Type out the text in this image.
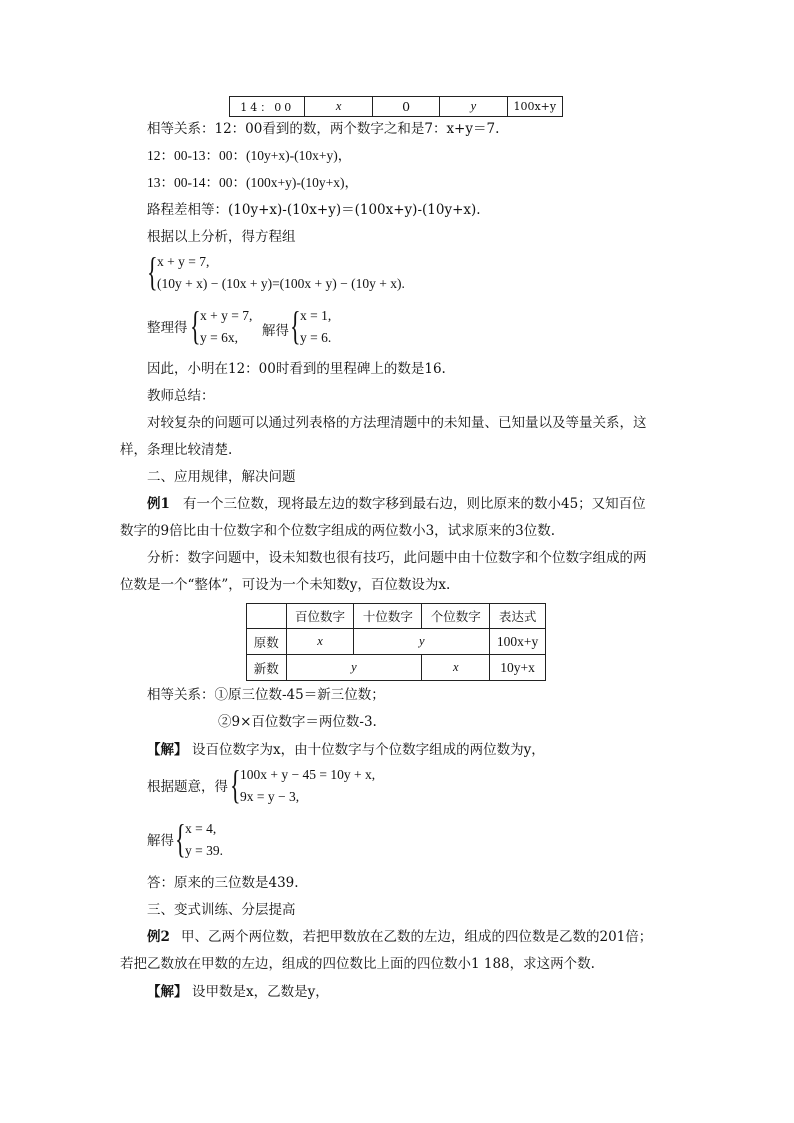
14：00	x	0	y	100x+y
相等关系：12：00看到的数，两个数字之和是7：x+y＝7.
12：00-13：00：(10y+x)-(10x+y)，
13：00-14：00：(100x+y)-(10y+x)，
路程差相等：(10y+x)-(10x+y)＝(100x+y)-(10y+x).
根据以上分析，得方程组
{ x + y = 7,
(10y + x) − (10x + y)=(100x + y) − (10y + x).
整理得 { x + y = 7,
y = 6x, 解得 { x = 1,
y = 6.
因此，小明在12：00时看到的里程碑上的数是16.
教师总结：
对较复杂的问题可以通过列表格的方法理清题中的未知量、已知量以及等量关系，这
样，条理比较清楚.
二、应用规律，解决问题
例1 有一个三位数，现将最左边的数字移到最右边，则比原来的数小45；又知百位
数字的9倍比由十位数字和个位数字组成的两位数小3，试求原来的3位数.
分析：数字问题中，设未知数也很有技巧，此问题中由十位数字和个位数字组成的两
位数是一个“整体”，可设为一个未知数y，百位数设为x.
	百位数字	十位数字	个位数字	表达式
原数	x	y		100x+y
新数	y		x	10y+x
相等关系：①原三位数-45＝新三位数；
②9×百位数字＝两位数-3.
【解】 设百位数字为x，由十位数字与个位数字组成的两位数为y，
根据题意，得 { 100x + y − 45 = 10y + x,
9x = y − 3,
解得 { x = 4,
y = 39.
答：原来的三位数是439.
三、变式训练、分层提高
例2 甲、乙两个两位数，若把甲数放在乙数的左边，组成的四位数是乙数的201倍；
若把乙数放在甲数的左边，组成的四位数比上面的四位数小1 188，求这两个数.
【解】 设甲数是x，乙数是y，
